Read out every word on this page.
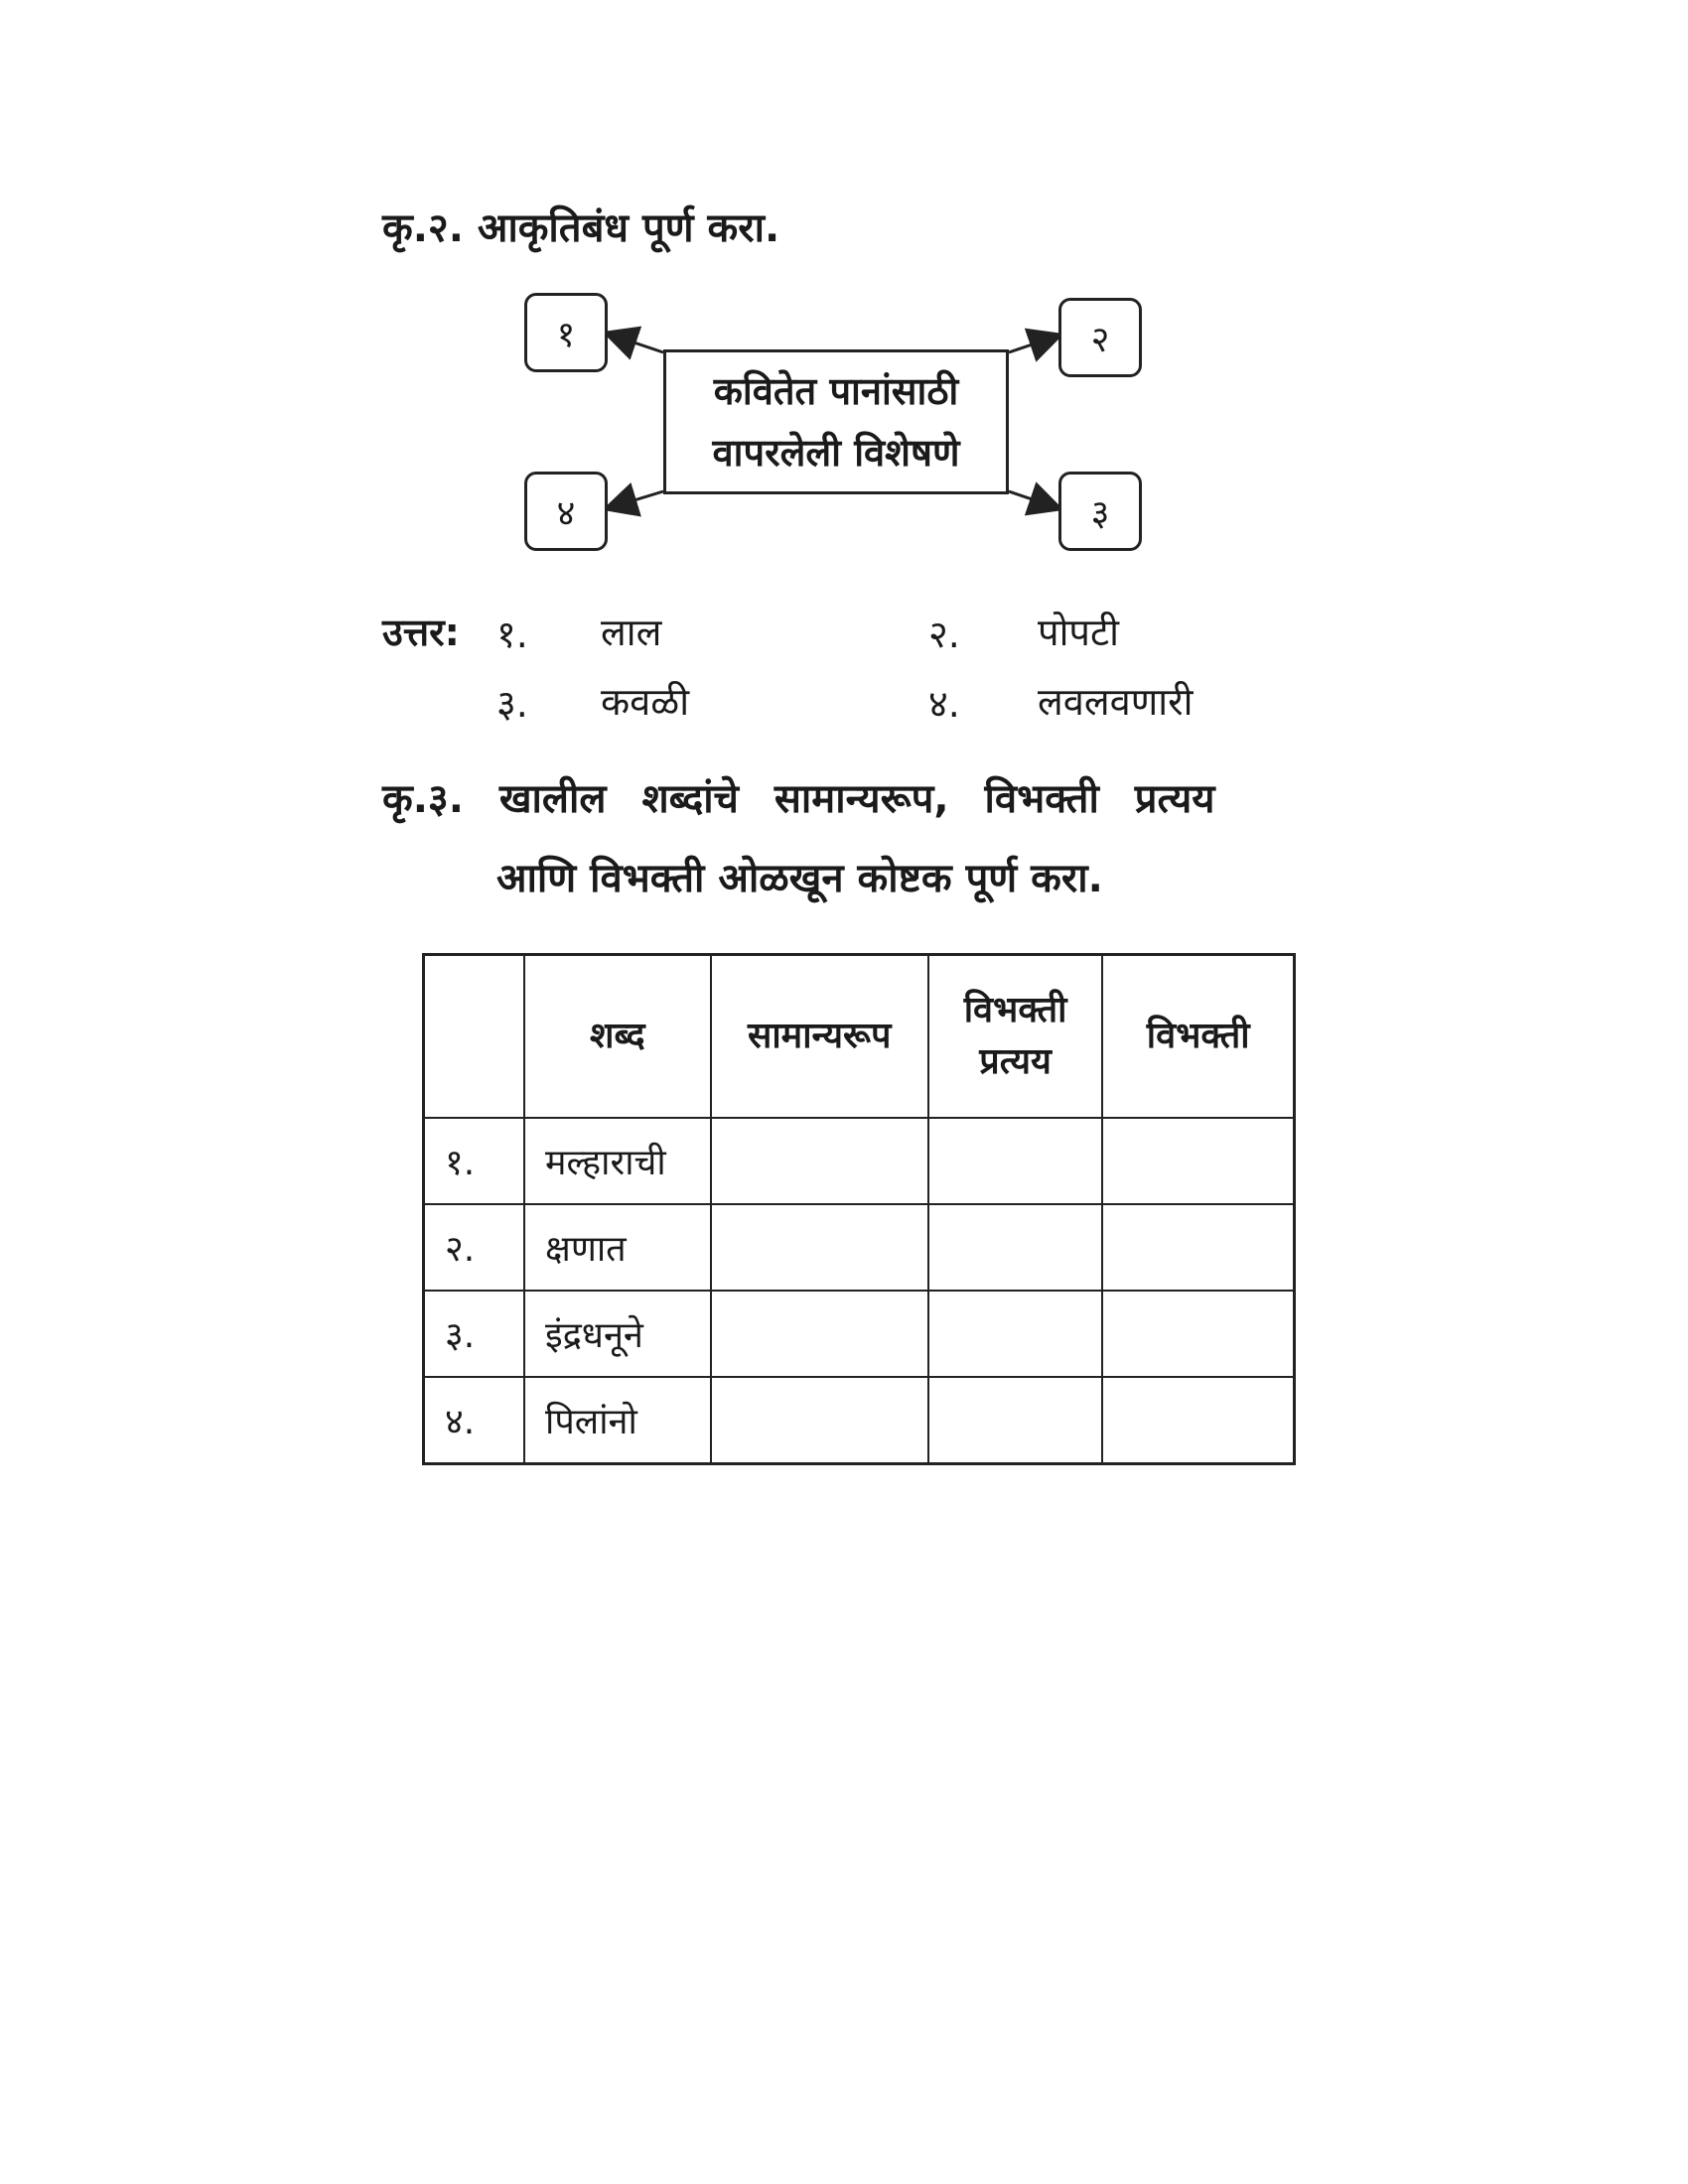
कृ.२. आकृतिबंध पूर्ण करा.
१	२
३
४
कवितेत पानांसाठी
वापरलेली विशेषणे
उत्तर: १. लाल	२. पोपटी
३. कवळी	४. लवलवणारी
कृ.३. खालील शब्दांचे सामान्यरूप, विभक्ती प्रत्यय
आणि विभक्ती ओळखून कोष्टक पूर्ण करा.
	शब्द	सामान्यरूप	विभक्ती प्रत्यय	विभक्ती
१.	मल्हाराची			
२.	क्षणात			
३.	इंद्रधनूने			
४.	पिलांनो			
